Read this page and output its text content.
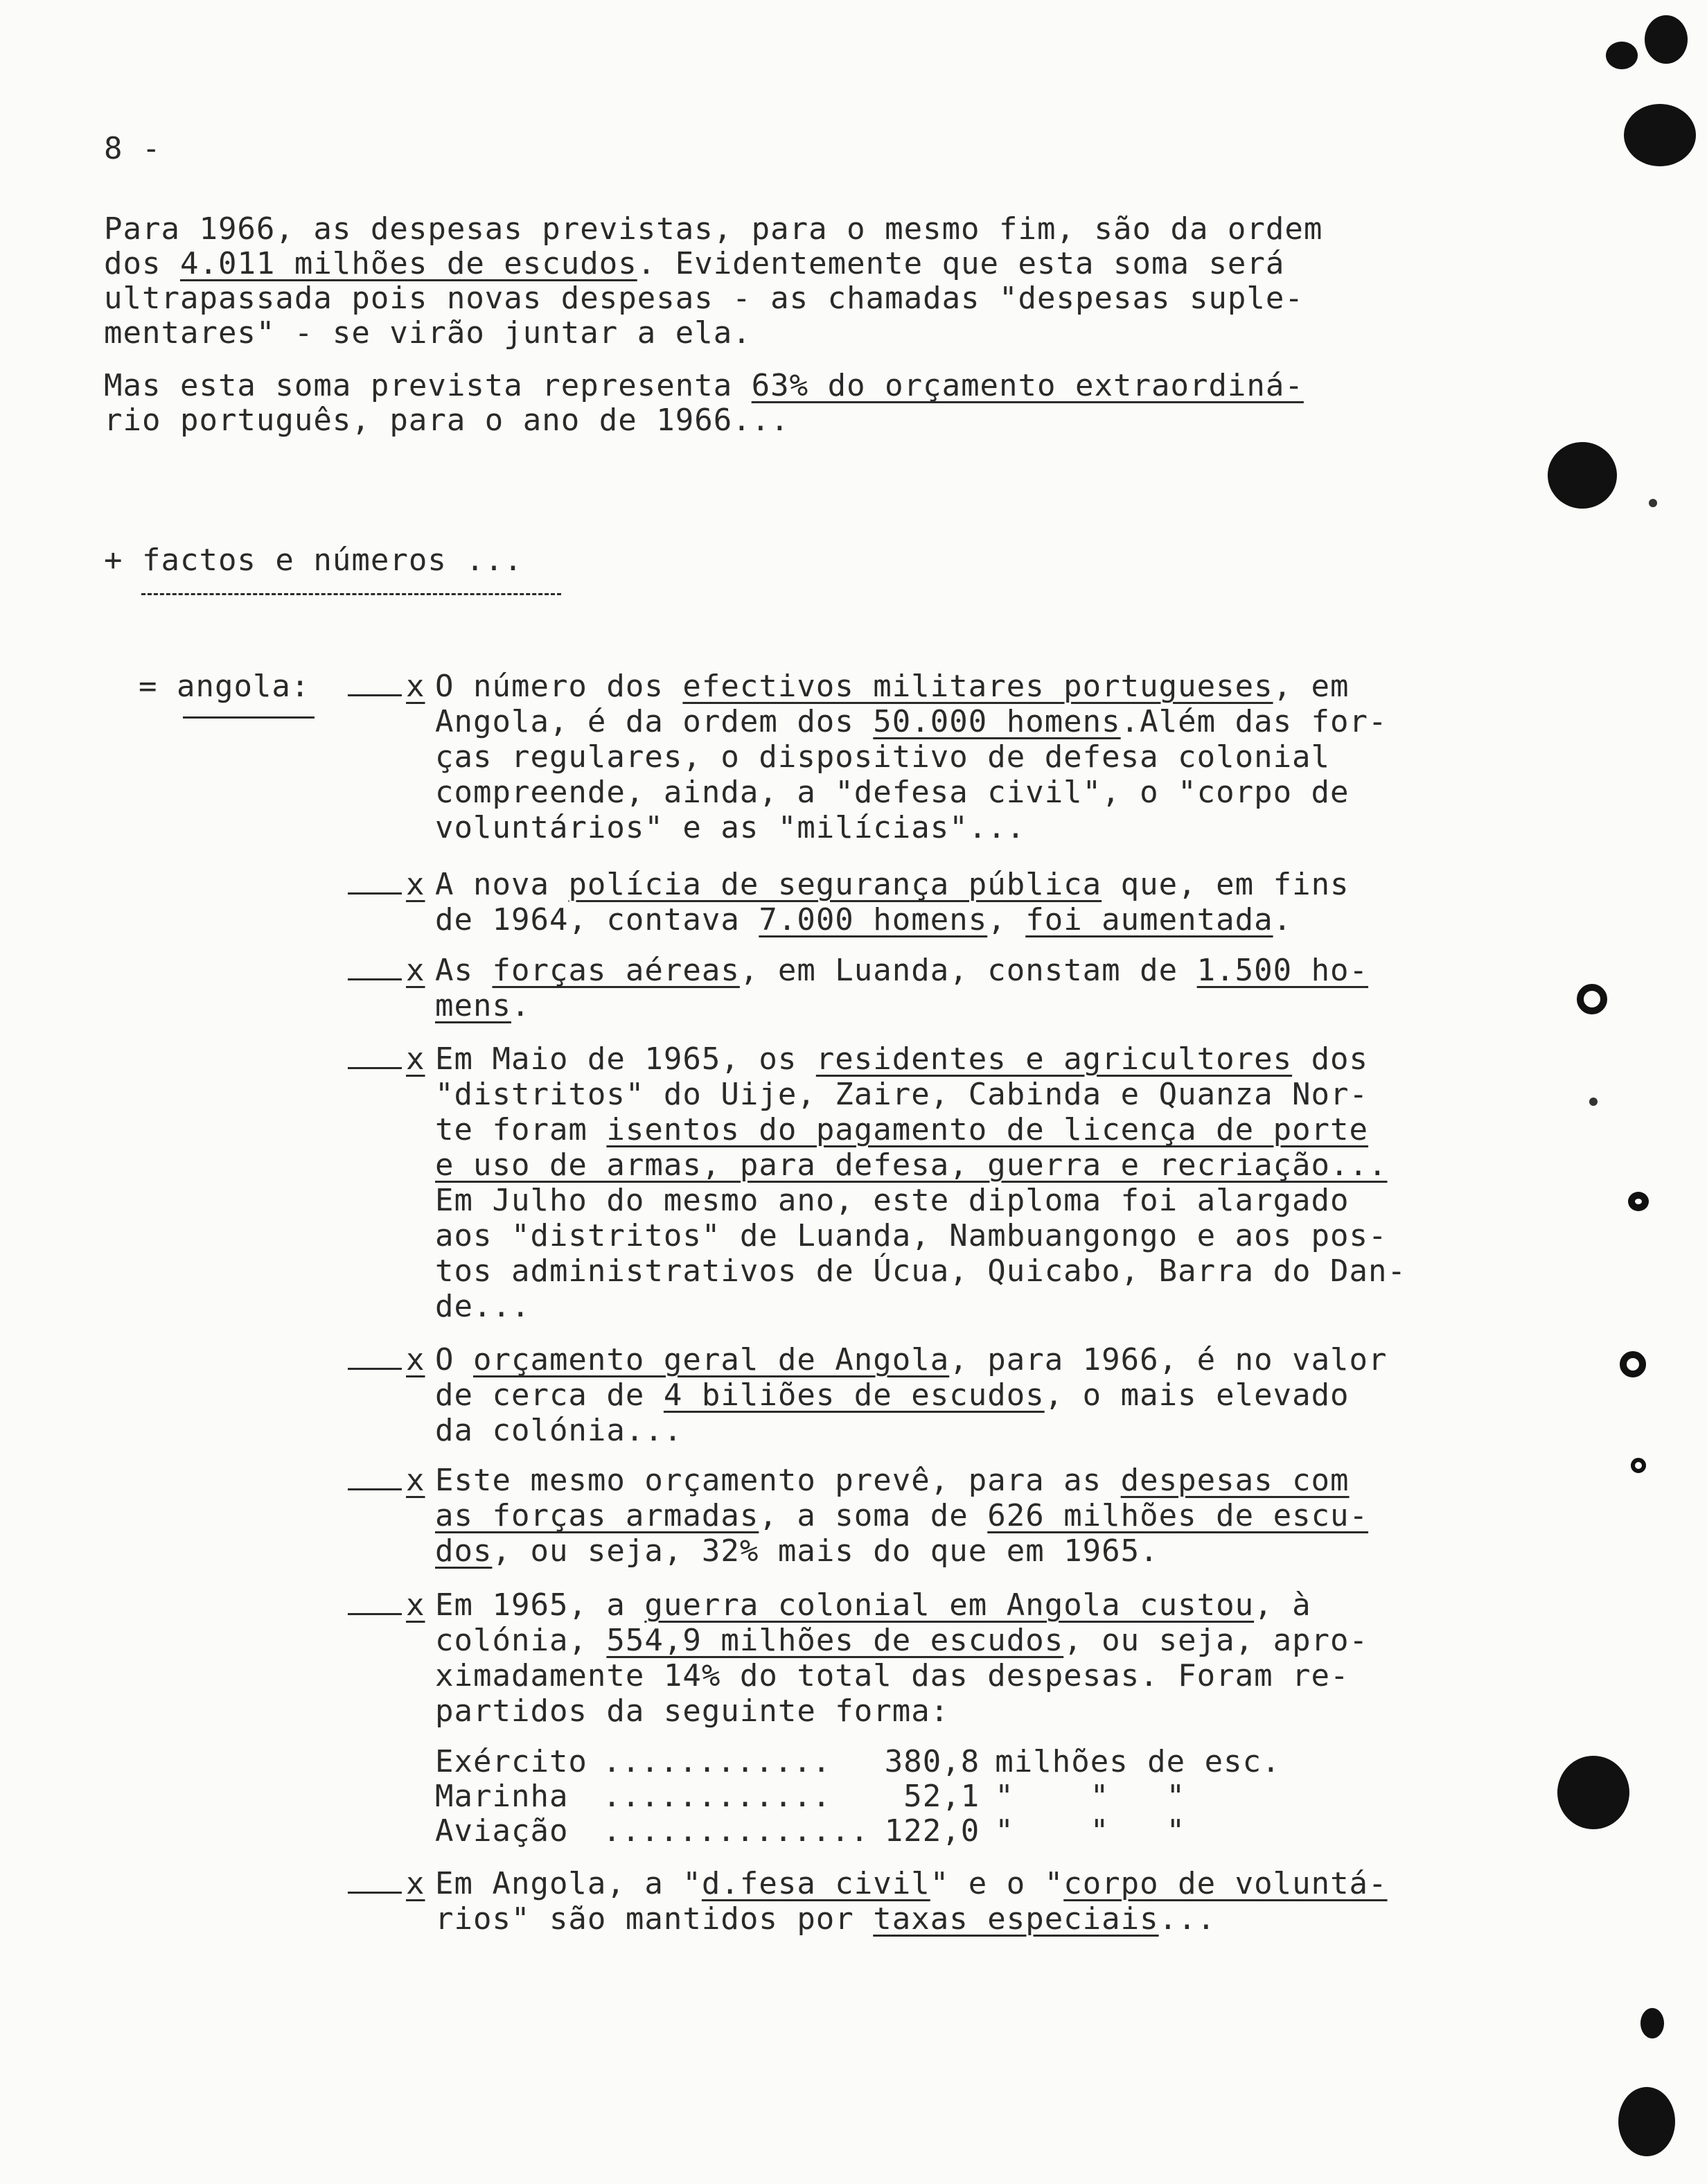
8 -
Para 1966, as despesas previstas, para o mesmo fim, são da ordem
dos 4.011 milhões de escudos. Evidentemente que esta soma será
ultrapassada pois novas despesas - as chamadas "despesas suple-
mentares" - se virão juntar a ela.
Mas esta soma prevista representa 63% do orçamento extraordiná-
rio português, para o ano de 1966...
+ factos e números ...
= angola:	x O número dos efectivos militares portugueses, em
Angola, é da ordem dos 50.000 homens.Além das for-
ças regulares, o dispositivo de defesa colonial
compreende, ainda, a "defesa civil", o "corpo de
voluntários" e as "milícias"...
x A nova polícia de segurança pública que, em fins
de 1964, contava 7.000 homens, foi aumentada.
x As forças aéreas, em Luanda, constam de 1.500 ho-
mens.
x Em Maio de 1965, os residentes e agricultores dos
"distritos" do Uije, Zaire, Cabinda e Quanza Nor-
te foram isentos do pagamento de licença de porte
e uso de armas, para defesa, guerra e recriação...
Em Julho do mesmo ano, este diploma foi alargado
aos "distritos" de Luanda, Nambuangongo e aos pos-
tos administrativos de Úcua, Quicabo, Barra do Dan-
de...
x O orçamento geral de Angola, para 1966, é no valor
de cerca de 4 biliões de escudos, o mais elevado
da colónia...
x Este mesmo orçamento prevê, para as despesas com
as forças armadas, a soma de 626 milhões de escu-
dos, ou seja, 32% mais do que em 1965.
x Em 1965, a guerra colonial em Angola custou, à
colónia, 554,9 milhões de escudos, ou seja, apro-
ximadamente 14% do total das despesas. Foram re-
partidos da seguinte forma:
x Em Angola, a "d.fesa civil" e o "corpo de voluntá-
rios" são mantidos por taxas especiais...
Exército	............	380,8	milhões de esc.
Marinha	............	52,1	"    "   "
Aviação	..............	122,0	"    "   "
